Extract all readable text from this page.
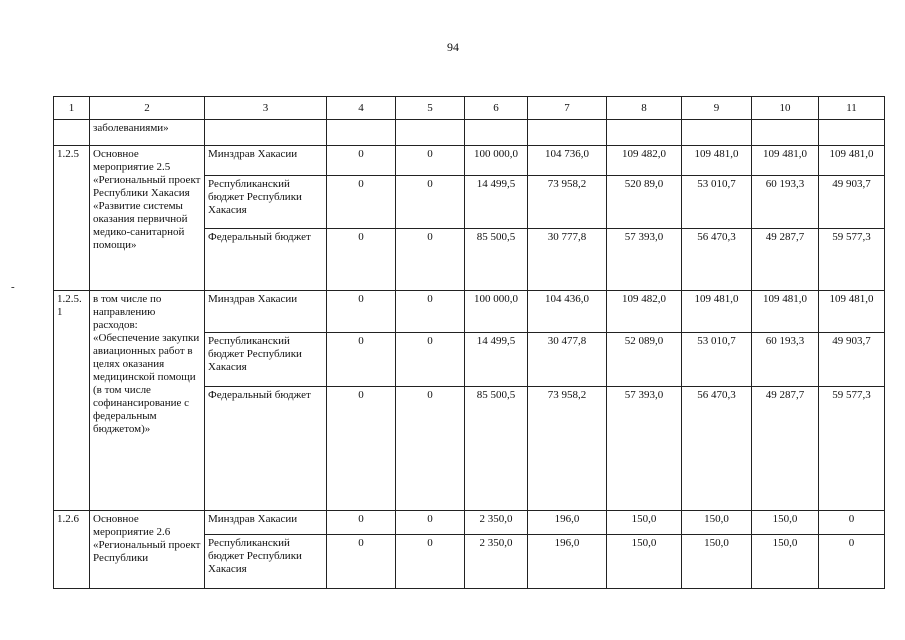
94
-
1	2	3	4	5	6	7	8	9	10	11
	заболеваниями»									
1.2.5	Основное мероприятие 2.5 «Региональный проект Республики Хакасия «Развитие системы оказания первичной медико-санитарной помощи»	Минздрав Хакасии	0	0	100 000,0	104 736,0	109 482,0	109 481,0	109 481,0	109 481,0
		Республиканский бюджет Республики Хакасия	0	0	14 499,5	73 958,2	520 89,0	53 010,7	60 193,3	49 903,7
		Федеральный бюджет	0	0	85 500,5	30 777,8	57 393,0	56 470,3	49 287,7	59 577,3
1.2.5.1	в том числе по направлению расходов: «Обеспечение закупки авиационных работ в целях оказания медицинской помощи (в том числе софинансирование с федеральным бюджетом)»	Минздрав Хакасии	0	0	100 000,0	104 436,0	109 482,0	109 481,0	109 481,0	109 481,0
		Республиканский бюджет Республики Хакасия	0	0	14 499,5	30 477,8	52 089,0	53 010,7	60 193,3	49 903,7
		Федеральный бюджет	0	0	85 500,5	73 958,2	57 393,0	56 470,3	49 287,7	59 577,3
1.2.6	Основное мероприятие 2.6 «Региональный проект Республики	Минздрав Хакасии	0	0	2 350,0	196,0	150,0	150,0	150,0	0
		Республиканский бюджет Республики Хакасия	0	0	2 350,0	196,0	150,0	150,0	150,0	0
